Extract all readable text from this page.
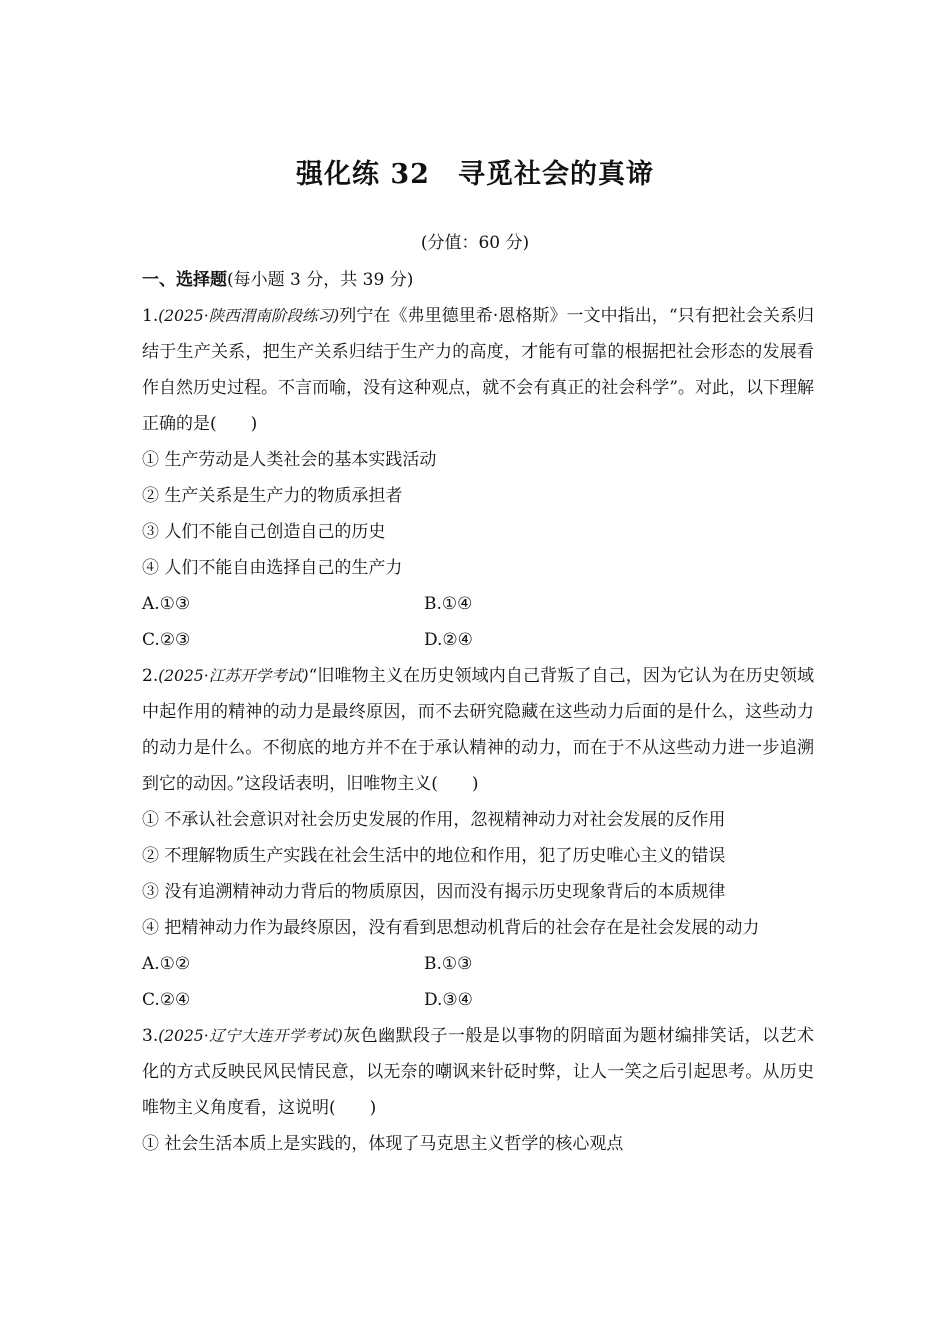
强化练 32　寻觅社会的真谛
(分值：60 分)
一、选择题(每小题 3 分，共 39 分)
1.(2025·陕西渭南阶段练习)列宁在《弗里德里希·恩格斯》一文中指出，“只有把社会关系归结于生产关系，把生产关系归结于生产力的高度，才能有可靠的根据把社会形态的发展看作自然历史过程。不言而喻，没有这种观点，就不会有真正的社会科学”。对此，以下理解正确的是(　　)
① 生产劳动是人类社会的基本实践活动
② 生产关系是生产力的物质承担者
③ 人们不能自己创造自己的历史
④ 人们不能自由选择自己的生产力
A.①③	B.①④
C.②③	D.②④
2.(2025·江苏开学考试)“旧唯物主义在历史领域内自己背叛了自己，因为它认为在历史领域中起作用的精神的动力是最终原因，而不去研究隐藏在这些动力后面的是什么，这些动力的动力是什么。不彻底的地方并不在于承认精神的动力，而在于不从这些动力进一步追溯到它的动因。”这段话表明，旧唯物主义(　　)
① 不承认社会意识对社会历史发展的作用，忽视精神动力对社会发展的反作用
② 不理解物质生产实践在社会生活中的地位和作用，犯了历史唯心主义的错误
③ 没有追溯精神动力背后的物质原因，因而没有揭示历史现象背后的本质规律
④ 把精神动力作为最终原因，没有看到思想动机背后的社会存在是社会发展的动力
A.①②	B.①③
C.②④	D.③④
3.(2025·辽宁大连开学考试)灰色幽默段子一般是以事物的阴暗面为题材编排笑话，以艺术化的方式反映民风民情民意，以无奈的嘲讽来针砭时弊，让人一笑之后引起思考。从历史唯物主义角度看，这说明(　　)
① 社会生活本质上是实践的，体现了马克思主义哲学的核心观点
